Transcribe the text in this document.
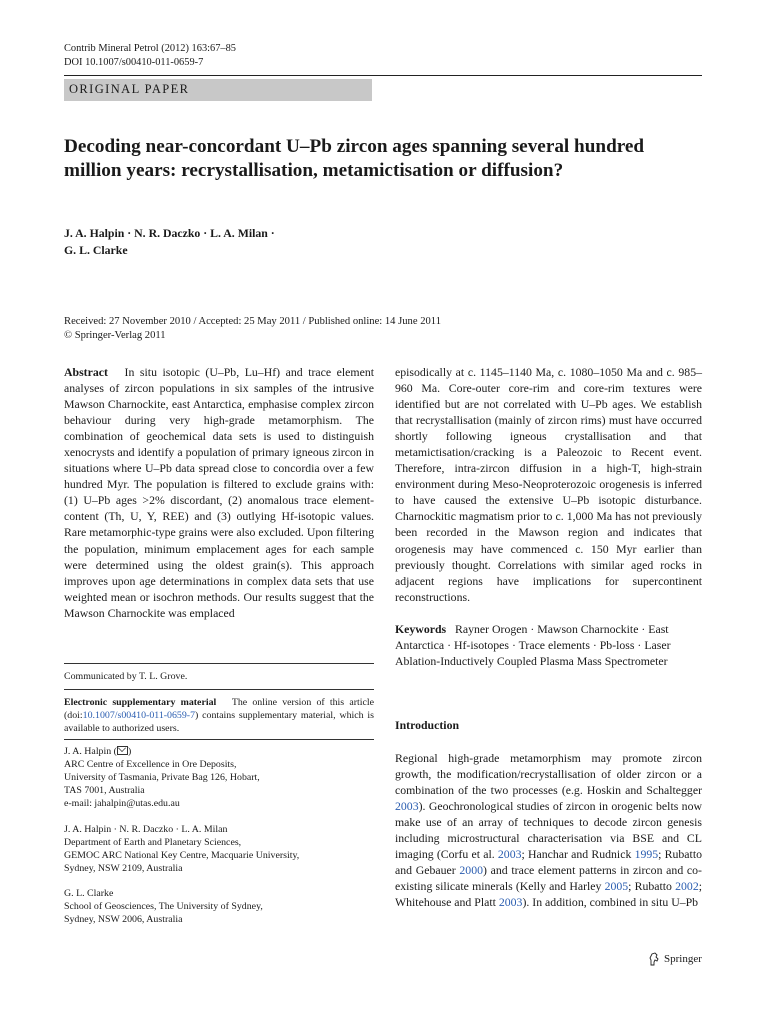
Contrib Mineral Petrol (2012) 163:67–85
DOI 10.1007/s00410-011-0659-7
ORIGINAL PAPER
Decoding near-concordant U–Pb zircon ages spanning several hundred million years: recrystallisation, metamictisation or diffusion?
J. A. Halpin · N. R. Daczko · L. A. Milan ·
G. L. Clarke
Received: 27 November 2010 / Accepted: 25 May 2011 / Published online: 14 June 2011
© Springer-Verlag 2011

Abstract In situ isotopic (U–Pb, Lu–Hf) and trace element analyses of zircon populations in six samples of the intrusive Mawson Charnockite, east Antarctica, emphasise complex zircon behaviour during very high-grade metamorphism. The combination of geochemical data sets is used to distinguish xenocrysts and identify a population of primary igneous zircon in situations where U–Pb data spread close to concordia over a few hundred Myr. The population is filtered to exclude grains with: (1) U–Pb ages >2% discordant, (2) anomalous trace element-content (Th, U, Y, REE) and (3) outlying Hf-isotopic values. Rare metamorphic-type grains were also excluded. Upon filtering the population, minimum emplacement ages for each sample were determined using the oldest grain(s). This approach improves upon age determinations in complex data sets that use weighted mean or isochron methods. Our results suggest that the Mawson Charnockite was emplaced

episodically at c. 1145–1140 Ma, c. 1080–1050 Ma and c. 985–960 Ma. Core-outer core-rim and core-rim textures were identified but are not correlated with U–Pb ages. We establish that recrystallisation (mainly of zircon rims) must have occurred shortly following igneous crystallisation and that metamictisation/cracking is a Paleozoic to Recent event. Therefore, intra-zircon diffusion in a high-T, high-strain environment during Meso-Neoproterozoic orogenesis is inferred to have caused the extensive U–Pb isotopic disturbance. Charnockitic magmatism prior to c. 1,000 Ma has not previously been recorded in the Mawson region and indicates that orogenesis may have commenced c. 150 Myr earlier than previously thought. Correlations with similar aged rocks in adjacent regions have implications for supercontinent reconstructions.

Keywords Rayner Orogen · Mawson Charnockite · East Antarctica · Hf-isotopes · Trace elements · Pb-loss · Laser Ablation-Inductively Coupled Plasma Mass Spectrometer
Communicated by T. L. Grove.
Electronic supplementary material The online version of this article (doi:10.1007/s00410-011-0659-7) contains supplementary material, which is available to authorized users.

J. A. Halpin ( )

ARC Centre of Excellence in Ore Deposits,

University of Tasmania, Private Bag 126, Hobart,

TAS 7001, Australia

e-mail: jahalpin@utas.edu.au

J. A. Halpin · N. R. Daczko · L. A. Milan

Department of Earth and Planetary Sciences,

GEMOC ARC National Key Centre, Macquarie University,

Sydney, NSW 2109, Australia

G. L. Clarke

School of Geosciences, The University of Sydney,

Sydney, NSW 2006, Australia

Introduction
Regional high-grade metamorphism may promote zircon growth, the modification/recrystallisation of older zircon or a combination of the two processes (e.g. Hoskin and Schaltegger 2003). Geochronological studies of zircon in orogenic belts now make use of an array of techniques to decode zircon genesis including microstructural characterisation via BSE and CL imaging (Corfu et al. 2003; Hanchar and Rudnick 1995; Rubatto and Gebauer 2000) and trace element patterns in zircon and co-existing silicate minerals (Kelly and Harley 2005; Rubatto 2002; Whitehouse and Platt 2003). In addition, combined in situ U–Pb
Springer
